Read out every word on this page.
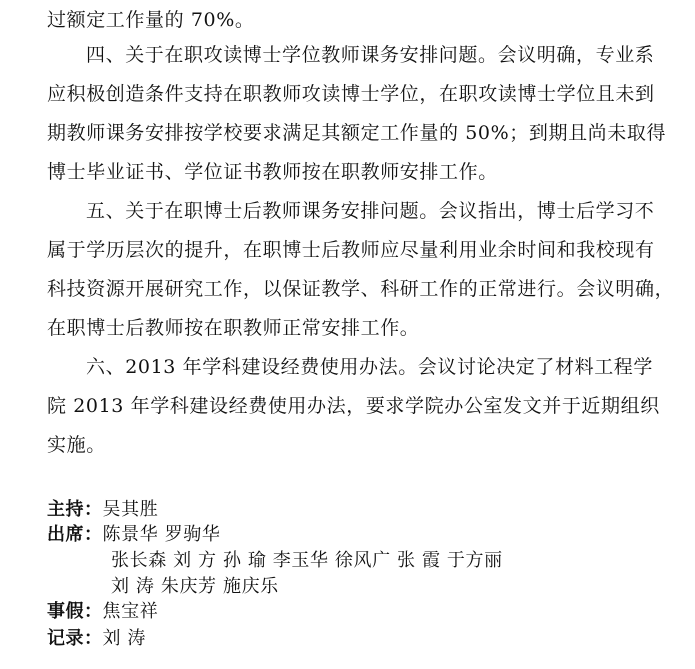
过额定工作量的 70%。
四、关于在职攻读博士学位教师课务安排问题。会议明确，专业系
应积极创造条件支持在职教师攻读博士学位，在职攻读博士学位且未到
期教师课务安排按学校要求满足其额定工作量的 50%；到期且尚未取得
博士毕业证书、学位证书教师按在职教师安排工作。
五、关于在职博士后教师课务安排问题。会议指出，博士后学习不
属于学历层次的提升，在职博士后教师应尽量利用业余时间和我校现有
科技资源开展研究工作，以保证教学、科研工作的正常进行。会议明确，
在职博士后教师按在职教师正常安排工作。
六、2013 年学科建设经费使用办法。会议讨论决定了材料工程学
院 2013 年学科建设经费使用办法，要求学院办公室发文并于近期组织
实施。
主持：吴其胜
出席：陈景华 罗驹华
张长森 刘 方 孙 瑜 李玉华 徐风广 张 霞 于方丽
刘 涛 朱庆芳 施庆乐
事假：焦宝祥
记录：刘 涛
